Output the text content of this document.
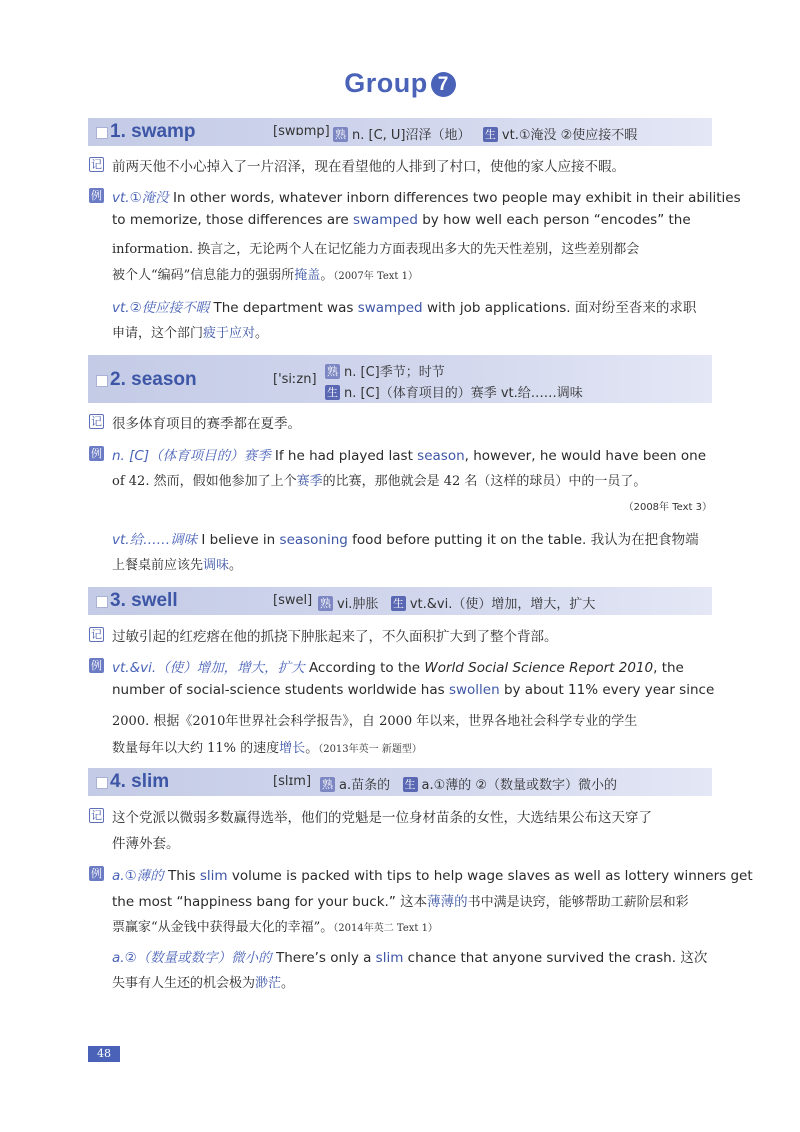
Group 7
1. swamp	[swɒmp] 熟 n. [C, U]沼泽（地） 生 vt.①淹没 ②使应接不暇
记 前两天他不小心掉入了一片沼泽，现在看望他的人排到了村口，使他的家人应接不暇。
例 vt.①淹没 In other words, whatever inborn differences two people may exhibit in their abilities
to memorize, those differences are swamped by how well each person “encodes” the
information. 换言之，无论两个人在记忆能力方面表现出多大的先天性差别，这些差别都会
被个人“编码”信息能力的强弱所掩盖。（2007年 Text 1）
vt.②使应接不暇 The department was swamped with job applications. 面对纷至沓来的求职
申请，这个部门疲于应对。
2. season	['siːzn]
熟 n. [C]季节；时节
生 n. [C]（体育项目的）赛季 vt.给……调味
记 很多体育项目的赛季都在夏季。
例 n. [C]（体育项目的）赛季 If he had played last season, however, he would have been one
of 42. 然而，假如他参加了上个赛季的比赛，那他就会是 42 名（这样的球员）中的一员了。
（2008年 Text 3）
vt.给……调味 I believe in seasoning food before putting it on the table. 我认为在把食物端
上餐桌前应该先调味。
3. swell	[swel] 熟 vi.肿胀 生 vt.&vi.（使）增加，增大，扩大
记 过敏引起的红疙瘩在他的抓挠下肿胀起来了，不久面积扩大到了整个背部。
例 vt.&vi.（使）增加，增大，扩大 According to the World Social Science Report 2010, the
number of social-science students worldwide has swollen by about 11% every year since
2000. 根据《2010年世界社会科学报告》，自 2000 年以来，世界各地社会科学专业的学生
数量每年以大约 11% 的速度增长。（2013年英一 新题型）
4. slim	[slɪm] 熟 a.苗条的 生 a.①薄的 ②（数量或数字）微小的
记 这个党派以微弱多数赢得选举，他们的党魁是一位身材苗条的女性，大选结果公布这天穿了
件薄外套。
例 a.①薄的 This slim volume is packed with tips to help wage slaves as well as lottery winners get
the most “happiness bang for your buck.” 这本薄薄的书中满是诀窍，能够帮助工薪阶层和彩
票赢家“从金钱中获得最大化的幸福”。（2014年英二 Text 1）
a.②（数量或数字）微小的 There’s only a slim chance that anyone survived the crash. 这次
失事有人生还的机会极为渺茫。
48
